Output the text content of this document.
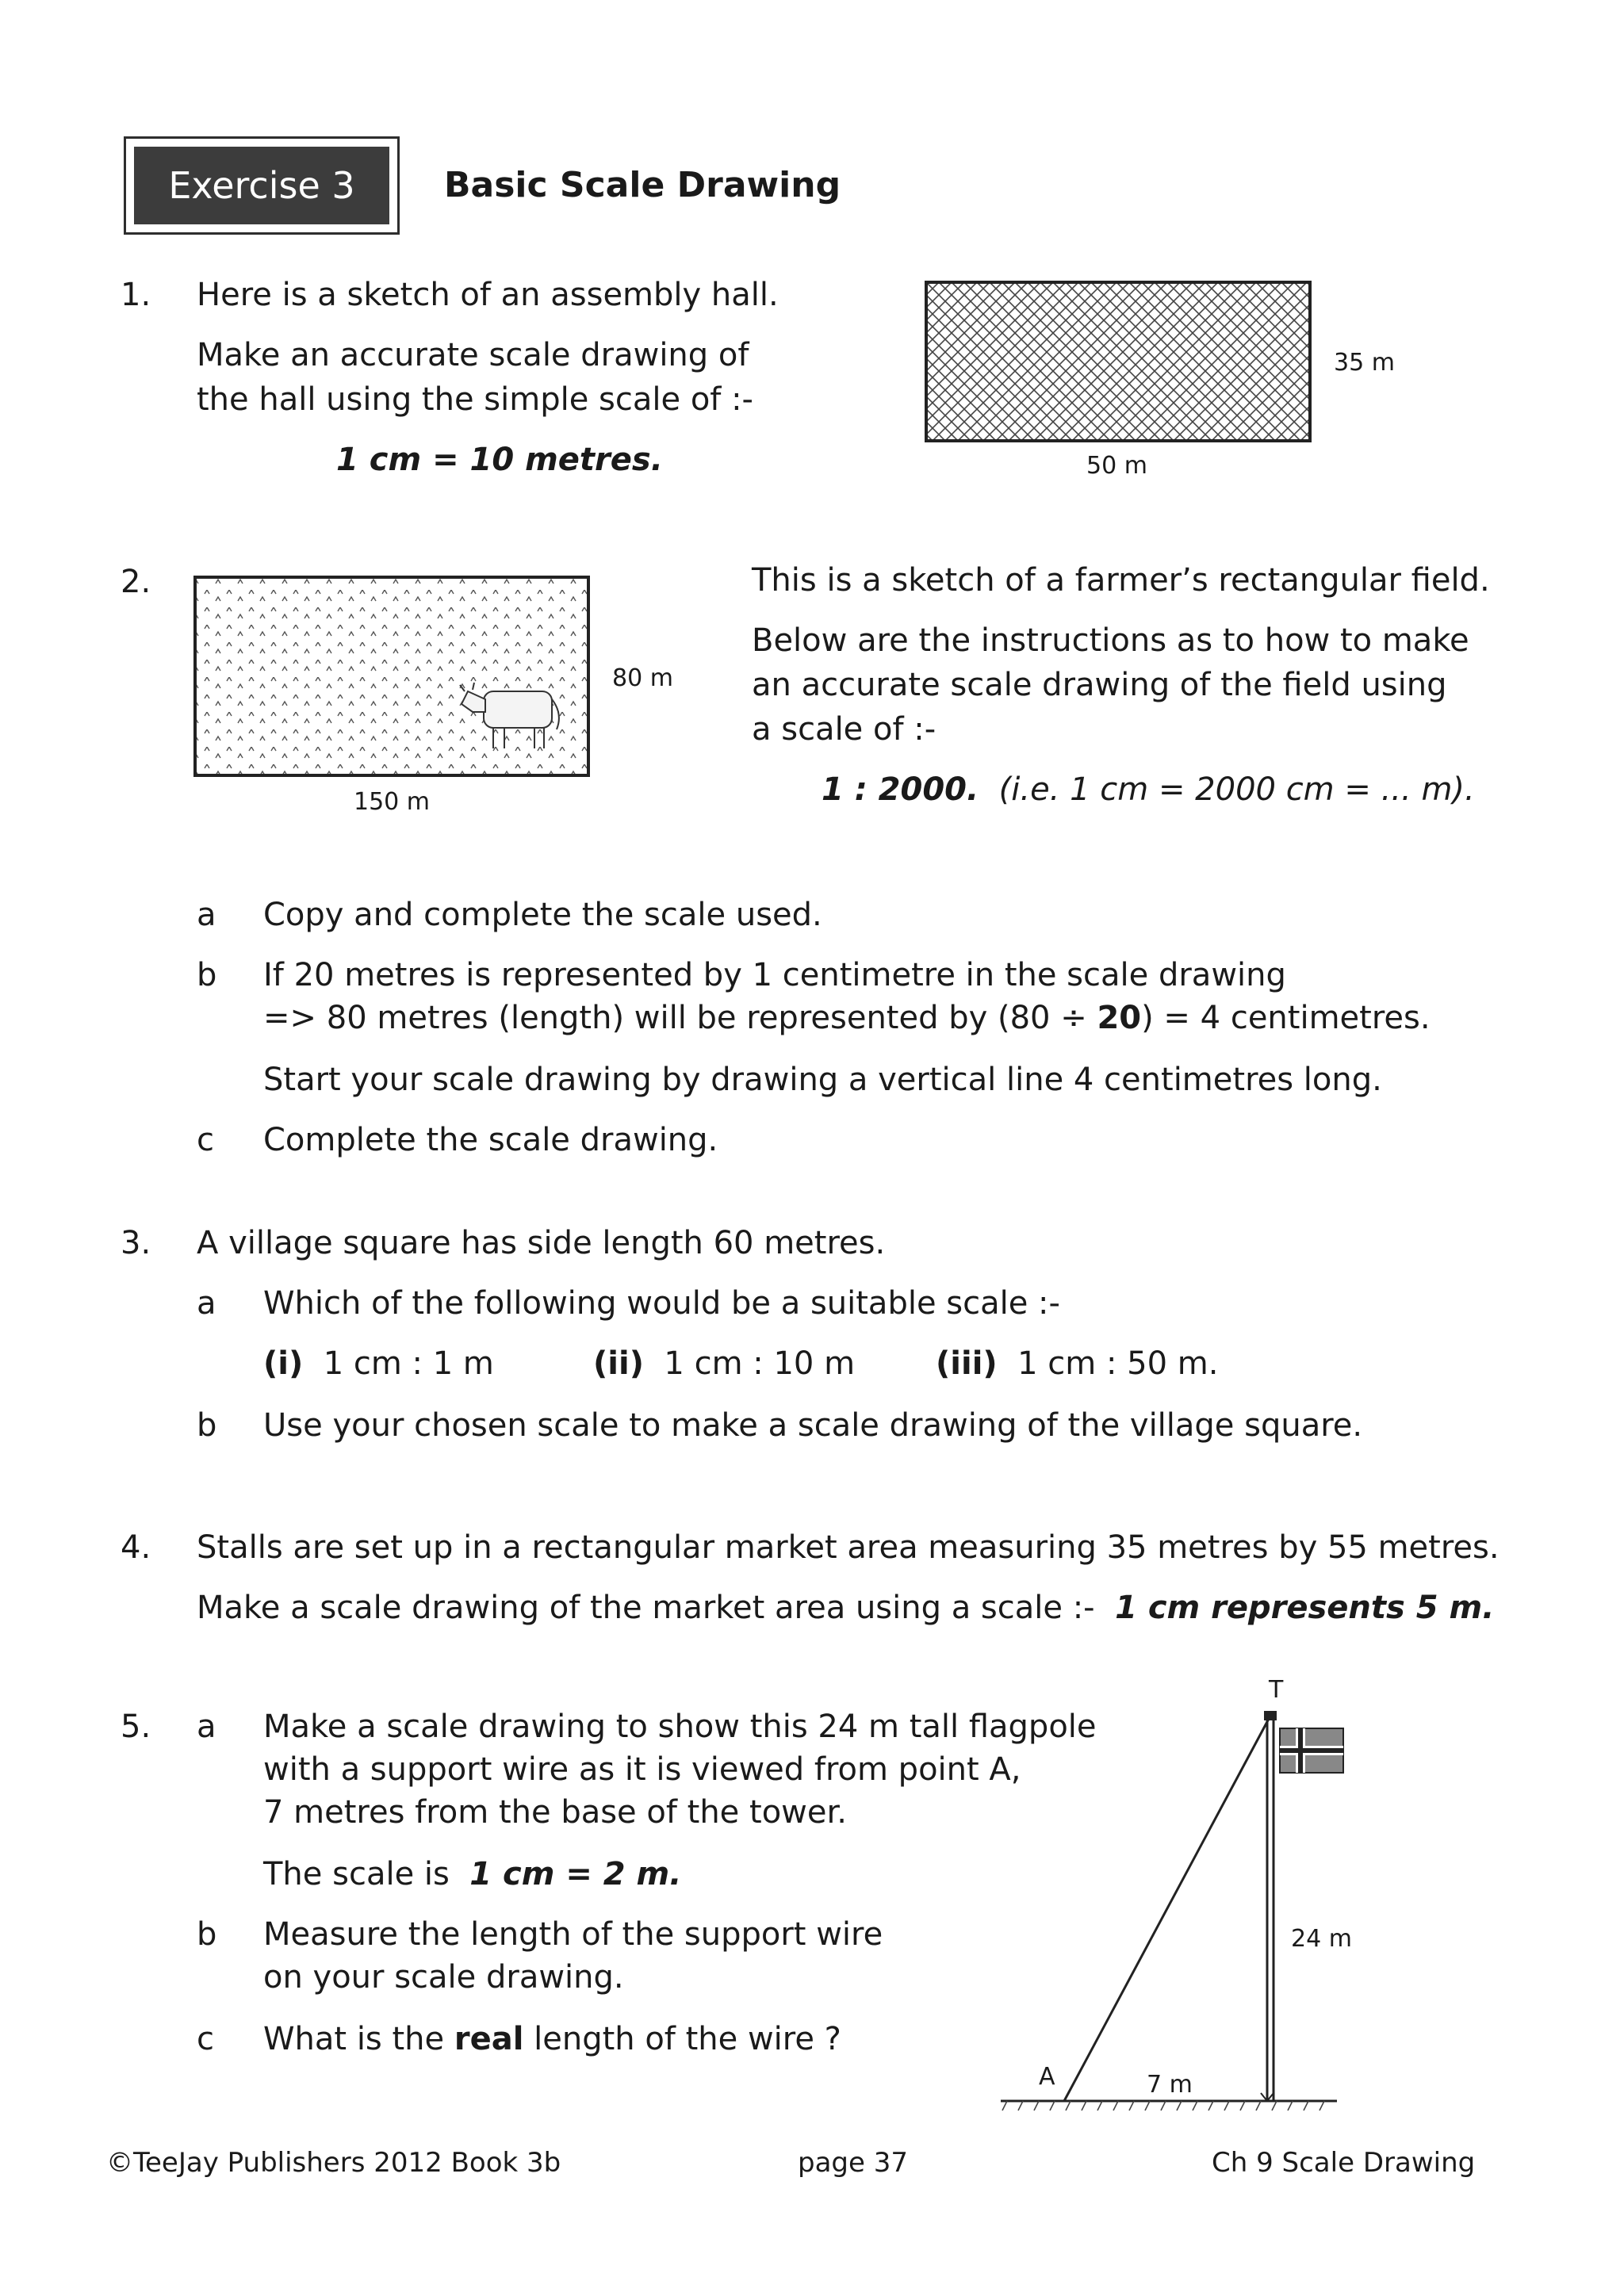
Exercise 3	Basic Scale Drawing
1. Here is a sketch of an assembly hall.
Make an accurate scale drawing of
the hall using the simple scale of :-
1 cm = 10 metres.
35 m
50 m
2.
80 m
150 m
This is a sketch of a farmer’s rectangular field.
Below are the instructions as to how to make
an accurate scale drawing of the field using
a scale of :-
1 : 2000. (i.e. 1 cm = 2000 cm = ... m).
a Copy and complete the scale used.
b If 20 metres is represented by 1 centimetre in the scale drawing
=> 80 metres (length) will be represented by (80 ÷ 20) = 4 centimetres.
Start your scale drawing by drawing a vertical line 4 centimetres long.
c Complete the scale drawing.
3. A village square has side length 60 metres.
a Which of the following would be a suitable scale :-
(i) 1 cm : 1 m	(ii) 1 cm : 10 m	(iii) 1 cm : 50 m.
b Use your chosen scale to make a scale drawing of the village square.
4. Stalls are set up in a rectangular market area measuring 35 metres by 55 metres.
Make a scale drawing of the market area using a scale :- 1 cm represents 5 m.
5. a Make a scale drawing to show this 24 m tall flagpole
with a support wire as it is viewed from point A,
7 metres from the base of the tower.
The scale is 1 cm = 2 m.
b Measure the length of the support wire
on your scale drawing.
c What is the real length of the wire ?
T
24 m
A	7 m
©TeeJay Publishers 2012 Book 3b	page 37	Ch 9 Scale Drawing
